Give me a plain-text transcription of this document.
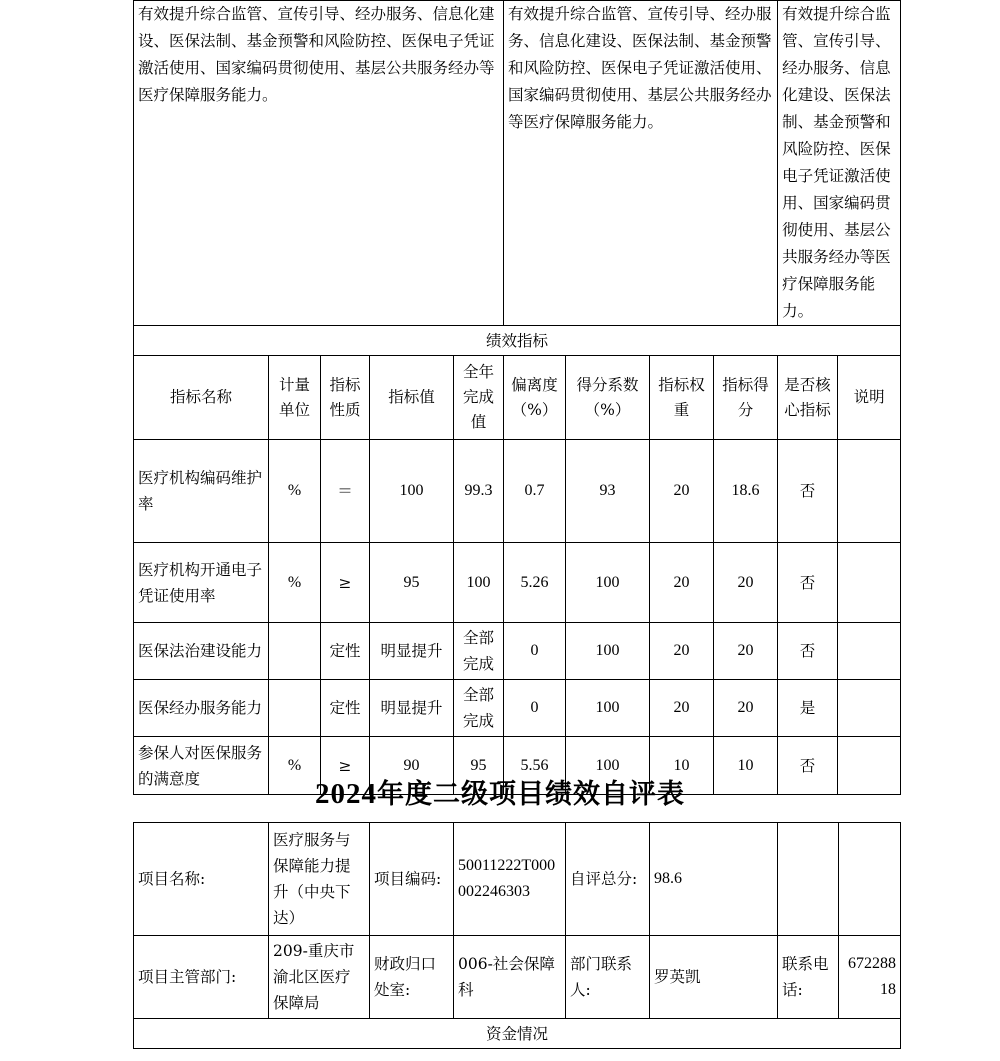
有效提升综合监管、宣传引导、经办服务、信息化建设、医保法制、基金预警和风险防控、医保电子凭证激活使用、国家编码贯彻使用、基层公共服务经办等医疗保障服务能力。					有效提升综合监管、宣传引导、经办服务、信息化建设、医保法制、基金预警和风险防控、医保电子凭证激活使用、国家编码贯彻使用、基层公共服务经办等医疗保障服务能力。				有效提升综合监管、宣传引导、经办服务、信息化建设、医保法制、基金预警和风险防控、医保电子凭证激活使用、国家编码贯彻使用、基层公共服务经办等医疗保障服务能力。	
绩效指标										
指标名称	计量单位	指标性质	指标值	全年完成值	偏离度（%）	得分系数（%）	指标权重	指标得分	是否核心指标	说明
医疗机构编码维护率	%	＝	100	99.3	0.7	93	20	18.6	否	
医疗机构开通电子凭证使用率	%	≥	95	100	5.26	100	20	20	否	
医保法治建设能力		定性	明显提升	全部完成	0	100	20	20	否	
医保经办服务能力		定性	明显提升	全部完成	0	100	20	20	是	
参保人对医保服务的满意度	%	≥	90	95	5.56	100	10	10	否	
2024年度二级项目绩效自评表
项目名称:	医疗服务与保障能力提升（中央下达）	项目编码:	50011222T000002246303	自评总分:	98.6		
项目主管部门:	209-重庆市渝北区医疗保障局	财政归口处室:	006-社会保障科	部门联系人:	罗英凯	联系电话:	67228818
资金情况							
